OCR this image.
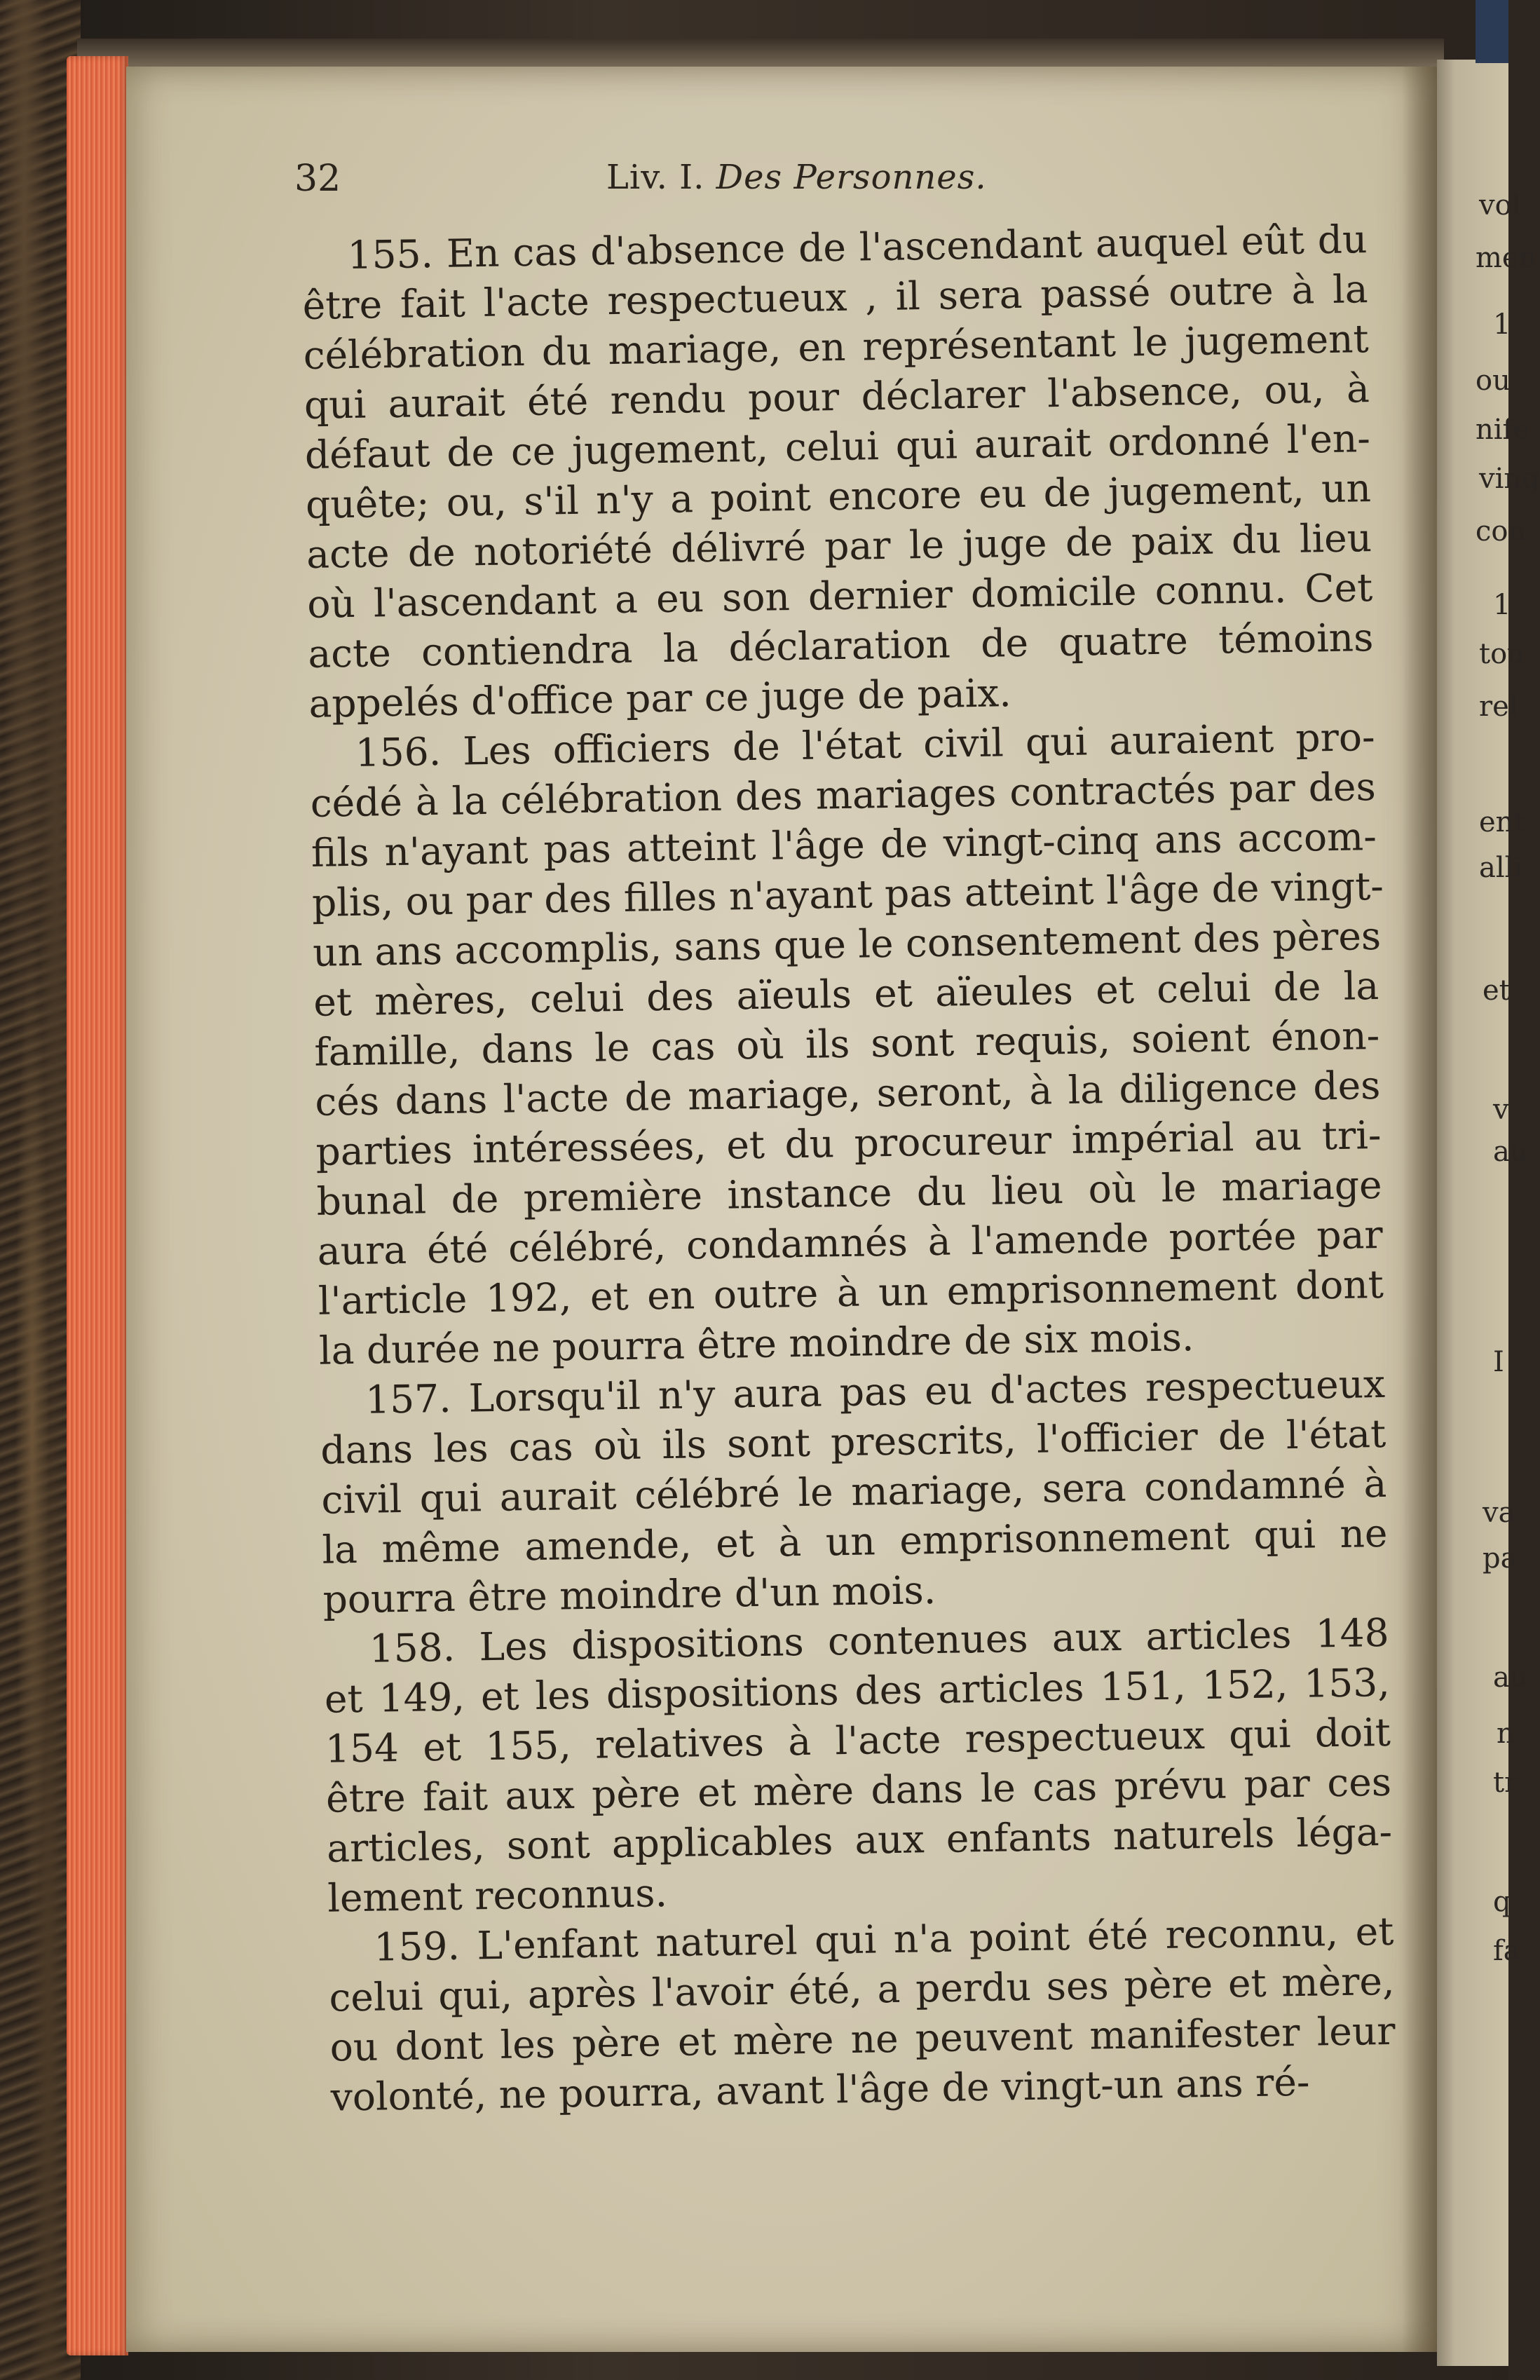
vol
men
1
ou
nife
ving
con
1
tou
rel
ent
alli
et
v
au
I
va
pa
au
n
tr
q
fa
32	Liv. I. Des Personnes.
155. En cas d'absence de l'ascendant auquel eût du
être fait l'acte respectueux , il sera passé outre à la
célébration du mariage, en représentant le jugement
qui aurait été rendu pour déclarer l'absence, ou, à
défaut de ce jugement, celui qui aurait ordonné l'en-
quête; ou, s'il n'y a point encore eu de jugement, un
acte de notoriété délivré par le juge de paix du lieu
où l'ascendant a eu son dernier domicile connu. Cet
acte contiendra la déclaration de quatre témoins
appelés d'office par ce juge de paix.
156. Les officiers de l'état civil qui auraient pro-
cédé à la célébration des mariages contractés par des
fils n'ayant pas atteint l'âge de vingt-cinq ans accom-
plis, ou par des filles n'ayant pas atteint l'âge de vingt-
un ans accomplis, sans que le consentement des pères
et mères, celui des aïeuls et aïeules et celui de la
famille, dans le cas où ils sont requis, soient énon-
cés dans l'acte de mariage, seront, à la diligence des
parties intéressées, et du procureur impérial au tri-
bunal de première instance du lieu où le mariage
aura été célébré, condamnés à l'amende portée par
l'article 192, et en outre à un emprisonnement dont
la durée ne pourra être moindre de six mois.
157. Lorsqu'il n'y aura pas eu d'actes respectueux
dans les cas où ils sont prescrits, l'officier de l'état
civil qui aurait célébré le mariage, sera condamné à
la même amende, et à un emprisonnement qui ne
pourra être moindre d'un mois.
158. Les dispositions contenues aux articles 148
et 149, et les dispositions des articles 151, 152, 153,
154 et 155, relatives à l'acte respectueux qui doit
être fait aux père et mère dans le cas prévu par ces
articles, sont applicables aux enfants naturels léga-
lement reconnus.
159. L'enfant naturel qui n'a point été reconnu, et
celui qui, après l'avoir été, a perdu ses père et mère,
ou dont les père et mère ne peuvent manifester leur
volonté, ne pourra, avant l'âge de vingt-un ans ré-
